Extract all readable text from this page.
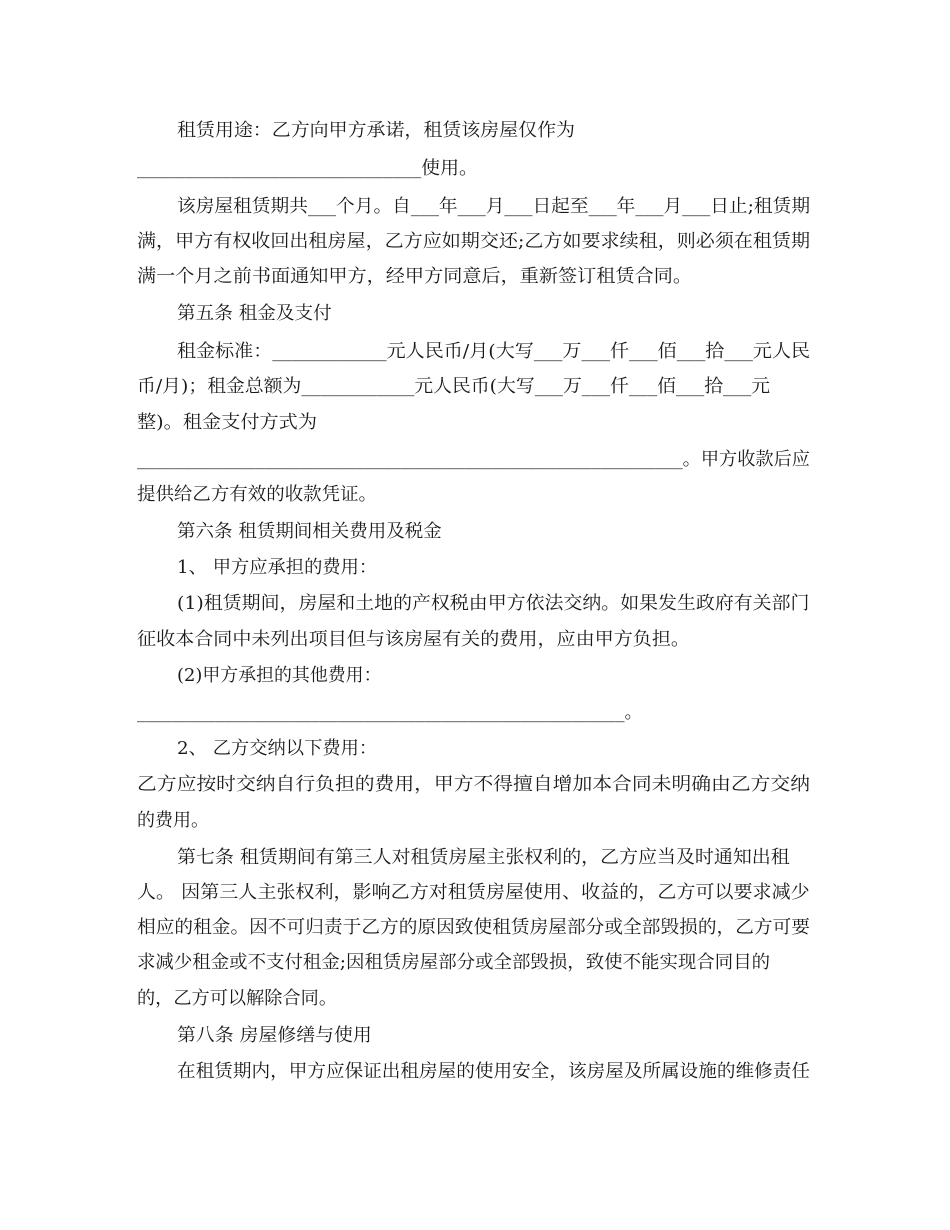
租赁用途：乙方向甲方承诺，租赁该房屋仅作为
______________________________使用。
该房屋租赁期共___个月。自___年___月___日起至___年___月___日止;租赁期
满，甲方有权收回出租房屋，乙方应如期交还;乙方如要求续租，则必须在租赁期
满一个月之前书面通知甲方，经甲方同意后，重新签订租赁合同。
第五条 租金及支付
租金标准：____________元人民币/月(大写___万___仟___佰___拾___元人民
币/月)；租金总额为____________元人民币(大写___万___仟___佰___拾___元
整)。租金支付方式为
____________________________________________________________。甲方收款后应
提供给乙方有效的收款凭证。
第六条 租赁期间相关费用及税金
1、 甲方应承担的费用：
(1)租赁期间，房屋和土地的产权税由甲方依法交纳。如果发生政府有关部门
征收本合同中未列出项目但与该房屋有关的费用，应由甲方负担。
(2)甲方承担的其他费用：
________________________________________________________。
2、 乙方交纳以下费用：
乙方应按时交纳自行负担的费用，甲方不得擅自增加本合同未明确由乙方交纳
的费用。
第七条 租赁期间有第三人对租赁房屋主张权利的，乙方应当及时通知出租
人。 因第三人主张权利，影响乙方对租赁房屋使用、收益的，乙方可以要求减少
相应的租金。因不可归责于乙方的原因致使租赁房屋部分或全部毁损的，乙方可要
求减少租金或不支付租金;因租赁房屋部分或全部毁损，致使不能实现合同目的
的，乙方可以解除合同。
第八条 房屋修缮与使用
在租赁期内，甲方应保证出租房屋的使用安全，该房屋及所属设施的维修责任
